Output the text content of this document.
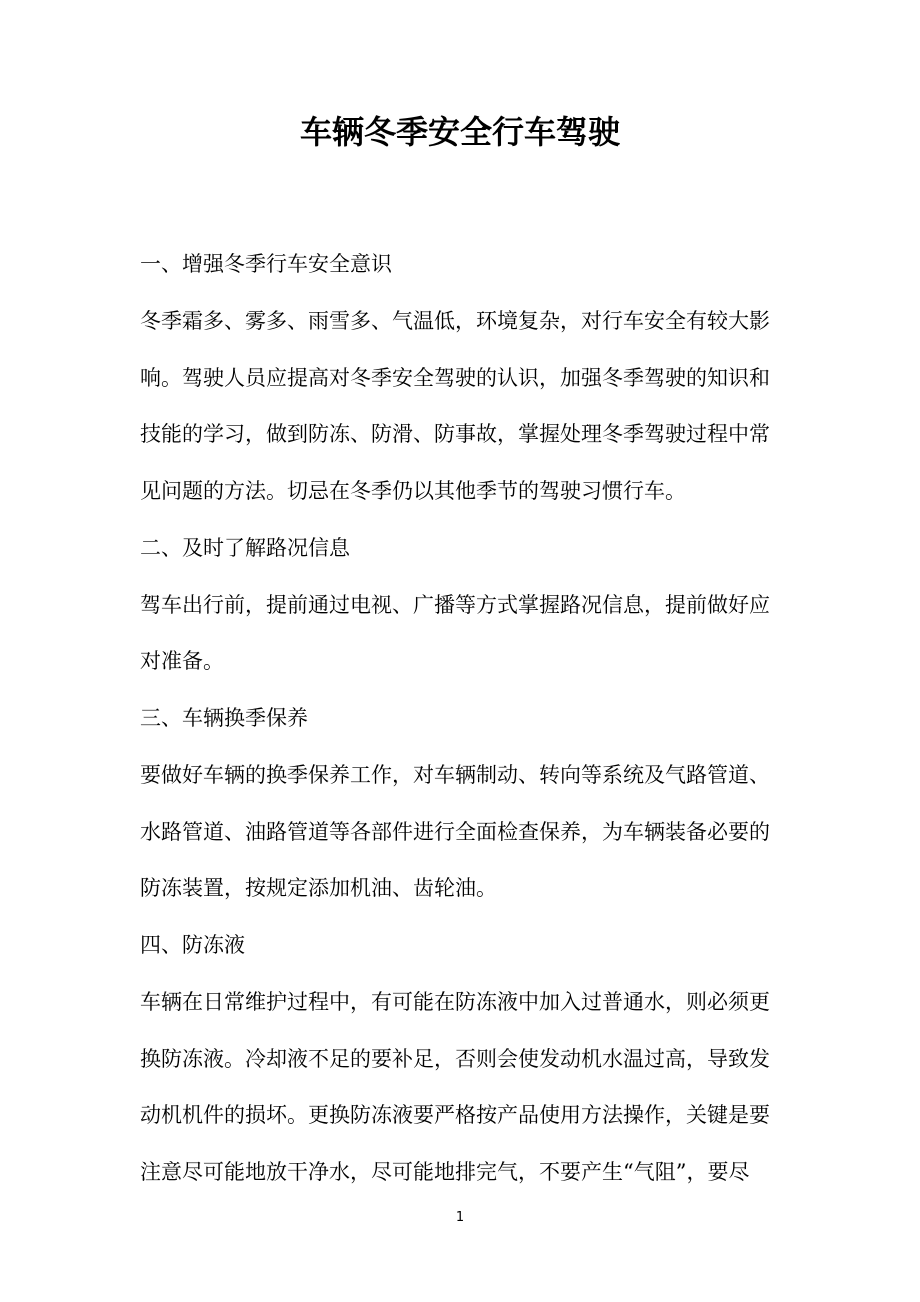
车辆冬季安全行车驾驶
一、增强冬季行车安全意识
冬季霜多、雾多、雨雪多、气温低，环境复杂，对行车安全有较大影
响。驾驶人员应提高对冬季安全驾驶的认识，加强冬季驾驶的知识和
技能的学习，做到防冻、防滑、防事故，掌握处理冬季驾驶过程中常
见问题的方法。切忌在冬季仍以其他季节的驾驶习惯行车。
二、及时了解路况信息
驾车出行前，提前通过电视、广播等方式掌握路况信息，提前做好应
对准备。
三、车辆换季保养
要做好车辆的换季保养工作，对车辆制动、转向等系统及气路管道、
水路管道、油路管道等各部件进行全面检查保养，为车辆装备必要的
防冻装置，按规定添加机油、齿轮油。
四、防冻液
车辆在日常维护过程中，有可能在防冻液中加入过普通水，则必须更
换防冻液。冷却液不足的要补足，否则会使发动机水温过高，导致发
动机机件的损坏。更换防冻液要严格按产品使用方法操作，关键是要
注意尽可能地放干净水，尽可能地排完气，不要产生“气阻”，要尽
1
